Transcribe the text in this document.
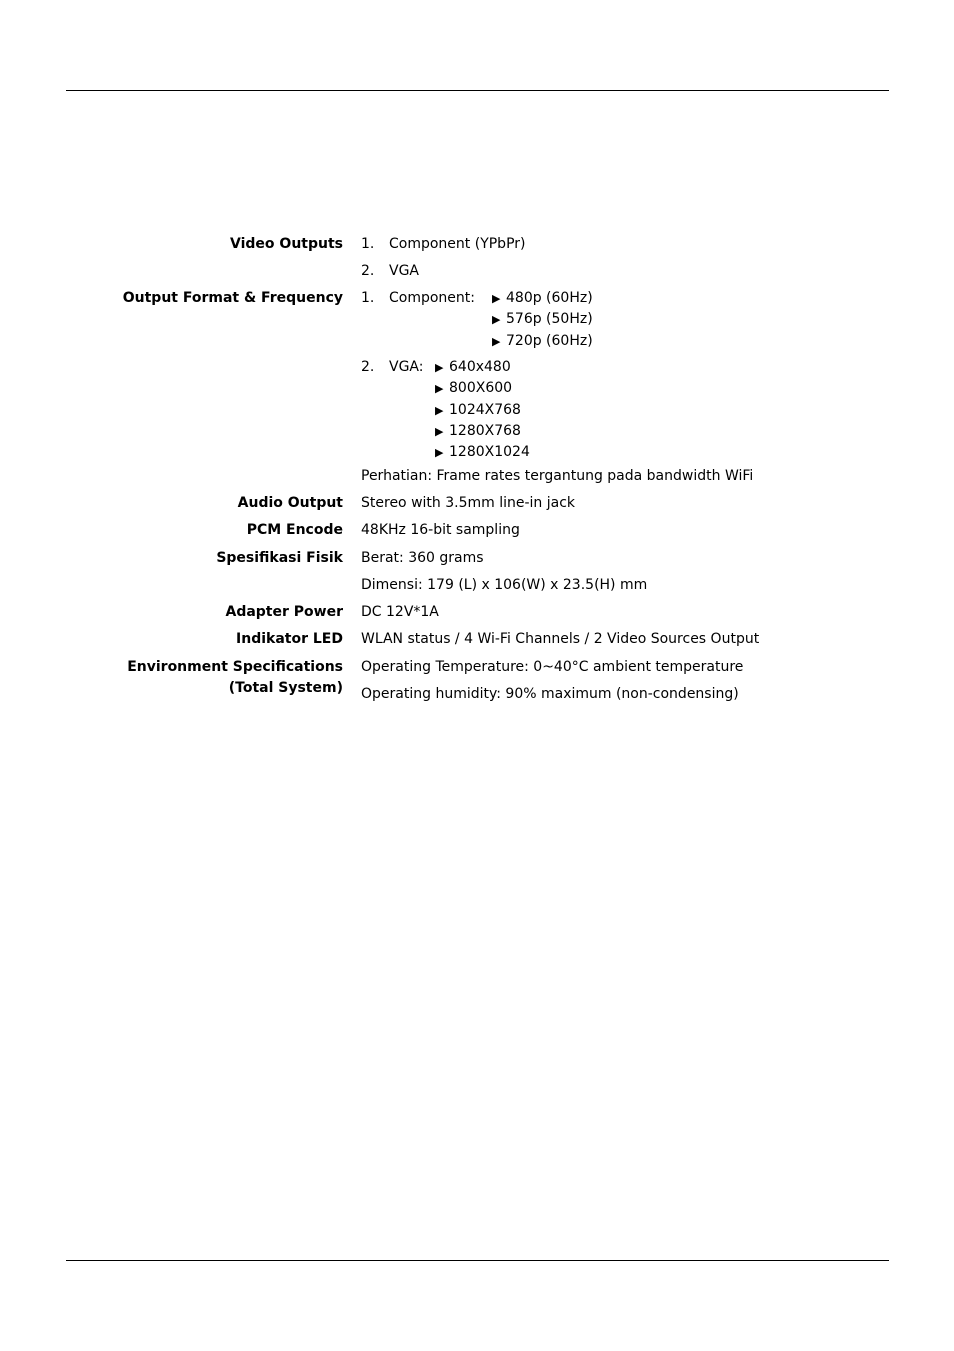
Video Outputs 1. Component (YPbPr)
2. VGA
Output Format & Frequency 1. Component: ▶ 480p (60Hz)
▶ 576p (50Hz)
▶ 720p (60Hz)
2. VGA: ▶ 640x480
▶ 800X600
▶ 1024X768
▶ 1280X768
▶ 1280X1024
Perhatian: Frame rates tergantung pada bandwidth WiFi
Audio Output Stereo with 3.5mm line-in jack
PCM Encode 48KHz 16-bit sampling
Spesifikasi Fisik Berat: 360 grams
Dimensi: 179 (L) x 106(W) x 23.5(H) mm
Adapter Power DC 12V*1A
Indikator LED WLAN status / 4 Wi-Fi Channels / 2 Video Sources Output
Environment Specifications
(Total System)
Operating Temperature: 0~40°C ambient temperature
Operating humidity: 90% maximum (non-condensing)
